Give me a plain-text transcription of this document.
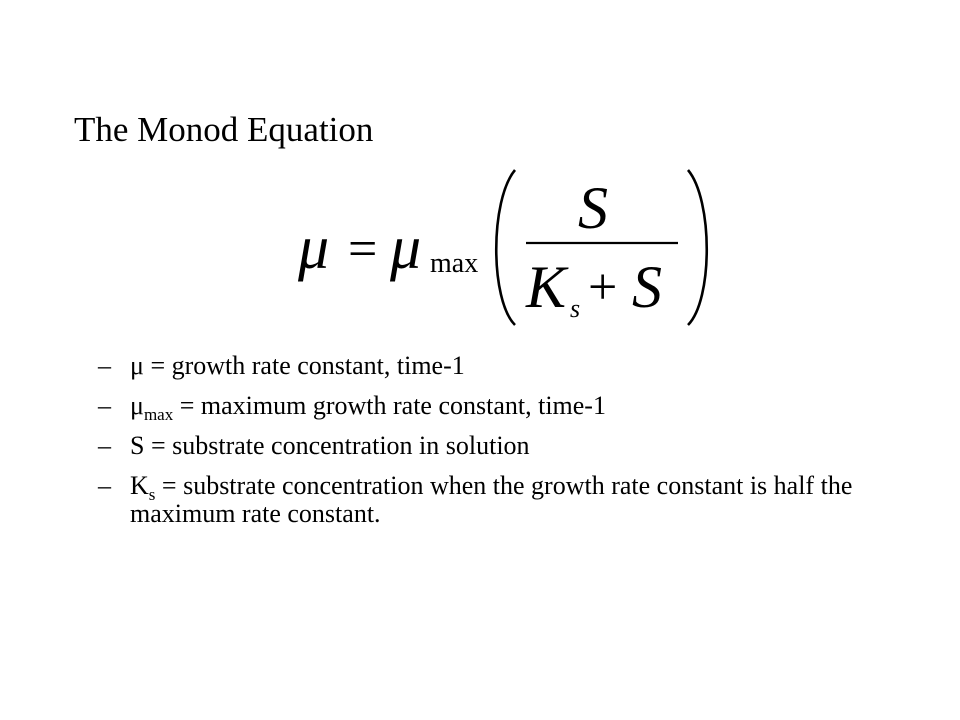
The Monod Equation
μ = μ max
S
K s + S
– μ = growth rate constant, time-1
– $\mu_{max}$ = maximum growth rate constant, time-1
– S = substrate concentration in solution
– $K_s$ = substrate concentration when the growth rate constant is half the maximum rate constant.
